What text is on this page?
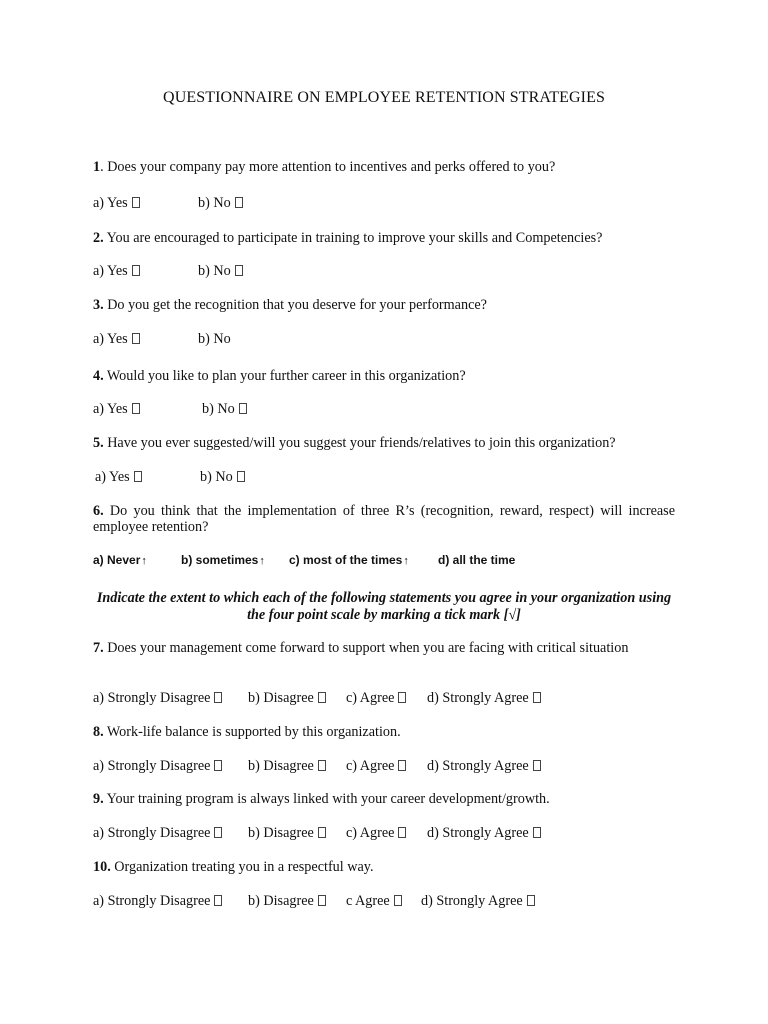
QUESTIONNAIRE ON EMPLOYEE RETENTION STRATEGIES
1. Does your company pay more attention to incentives and perks offered to you?
a) Yes	b) No
2. You are encouraged to participate in training to improve your skills and Competencies?
a) Yes	b) No
3. Do you get the recognition that you deserve for your performance?
a) Yes	b) No
4. Would you like to plan your further career in this organization?
a) Yes	b) No
5. Have you ever suggested/will you suggest your friends/relatives to join this organization?
a) Yes	b) No
6. Do you think that the implementation of three R’s (recognition, reward, respect) will increase employee retention?
a) Never↑	b) sometimes↑ c) most of the times↑ d) all the time
Indicate the extent to which each of the following statements you agree in your organization using the four point scale by marking a tick mark [√]
7. Does your management come forward to support when you are facing with critical situation
a) Strongly Disagree	b) Disagree	c) Agree	d) Strongly Agree
8. Work-life balance is supported by this organization.
a) Strongly Disagree	b) Disagree	c) Agree	d) Strongly Agree
9. Your training program is always linked with your career development/growth.
a) Strongly Disagree	b) Disagree	c) Agree	d) Strongly Agree
10. Organization treating you in a respectful way.
a) Strongly Disagree	b) Disagree	c Agree	d) Strongly Agree
